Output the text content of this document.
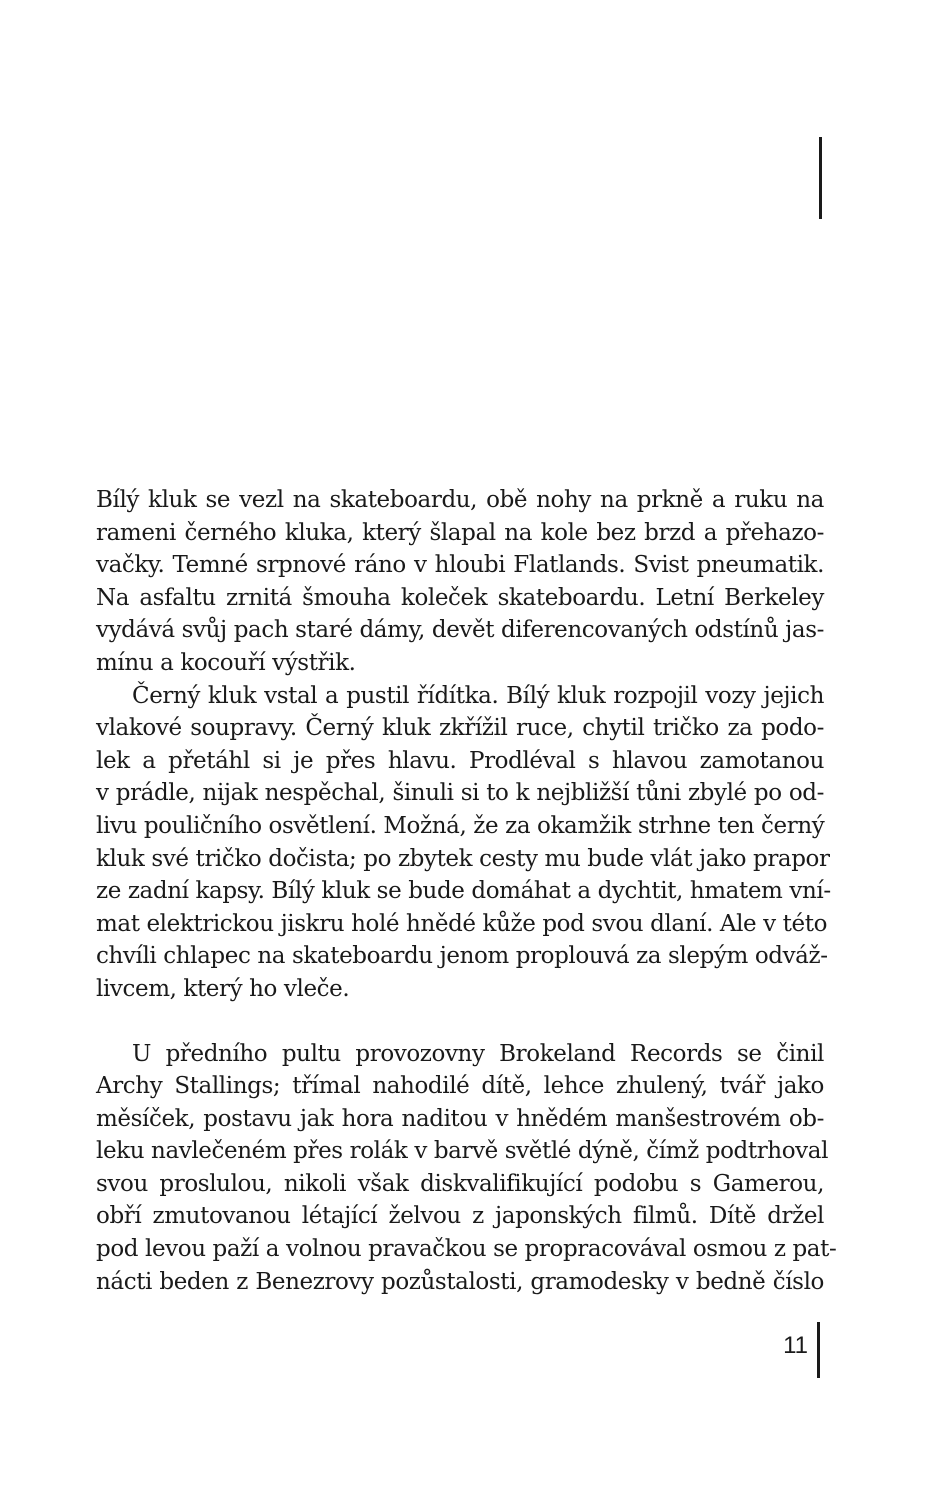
Bílý kluk se vezl na skateboardu, obě nohy na prkně a ruku na
rameni černého kluka, který šlapal na kole bez brzd a přehazo-
vačky. Temné srpnové ráno v hloubi Flatlands. Svist pneumatik.
Na asfaltu zrnitá šmouha koleček skateboardu. Letní Berkeley
vydává svůj pach staré dámy, devět diferencovaných odstínů jas-
mínu a kocouří výstřik.
Černý kluk vstal a pustil řídítka. Bílý kluk rozpojil vozy jejich
vlakové soupravy. Černý kluk zkřížil ruce, chytil tričko za podo-
lek a přetáhl si je přes hlavu. Prodléval s hlavou zamotanou
v prádle, nijak nespěchal, šinuli si to k nejbližší tůni zbylé po od-
livu pouličního osvětlení. Možná, že za okamžik strhne ten černý
kluk své tričko dočista; po zbytek cesty mu bude vlát jako prapor
ze zadní kapsy. Bílý kluk se bude domáhat a dychtit, hmatem vní-
mat elektrickou jiskru holé hnědé kůže pod svou dlaní. Ale v této
chvíli chlapec na skateboardu jenom proplouvá za slepým odváž-
livcem, který ho vleče.
U předního pultu provozovny Brokeland Records se činil
Archy Stallings; třímal nahodilé dítě, lehce zhulený, tvář jako
měsíček, postavu jak hora naditou v hnědém manšestrovém ob-
leku navlečeném přes rolák v barvě světlé dýně, čímž podtrhoval
svou proslulou, nikoli však diskvalifikující podobu s Gamerou,
obří zmutovanou létající želvou z japonských filmů. Dítě držel
pod levou paží a volnou pravačkou se propracovával osmou z pat-
nácti beden z Benezrovy pozůstalosti, gramodesky v bedně číslo
11
